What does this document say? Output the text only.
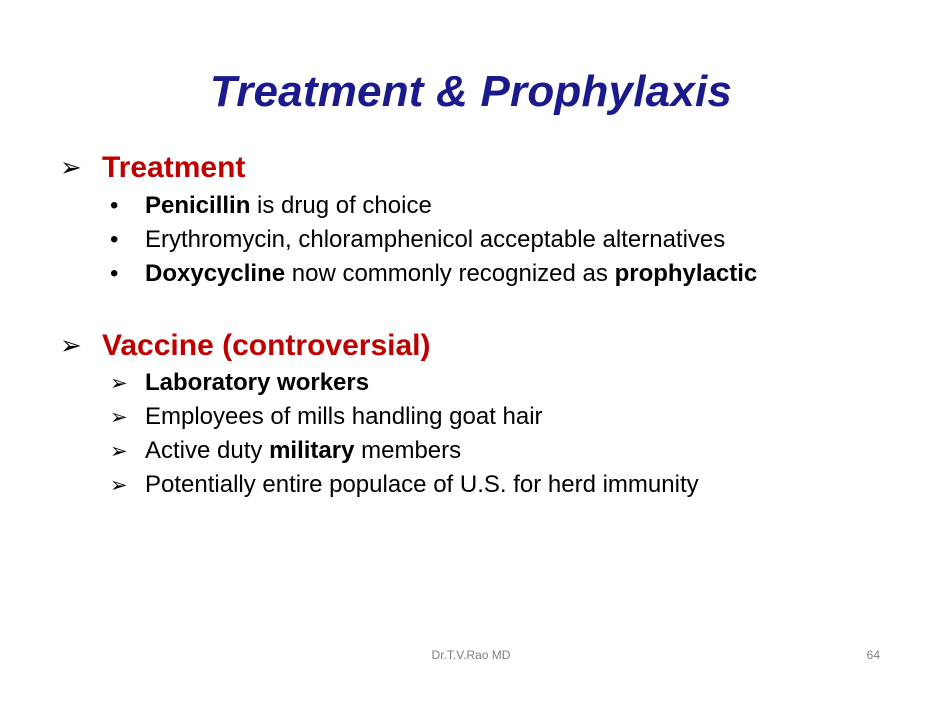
Treatment & Prophylaxis
➢ Treatment
• Penicillin is drug of choice
• Erythromycin, chloramphenicol acceptable alternatives
• Doxycycline now commonly recognized as prophylactic
➢ Vaccine (controversial)
➢ Laboratory workers
➢ Employees of mills handling goat hair
➢ Active duty military members
➢ Potentially entire populace of U.S. for herd immunity
Dr.T.V.Rao MD	64
